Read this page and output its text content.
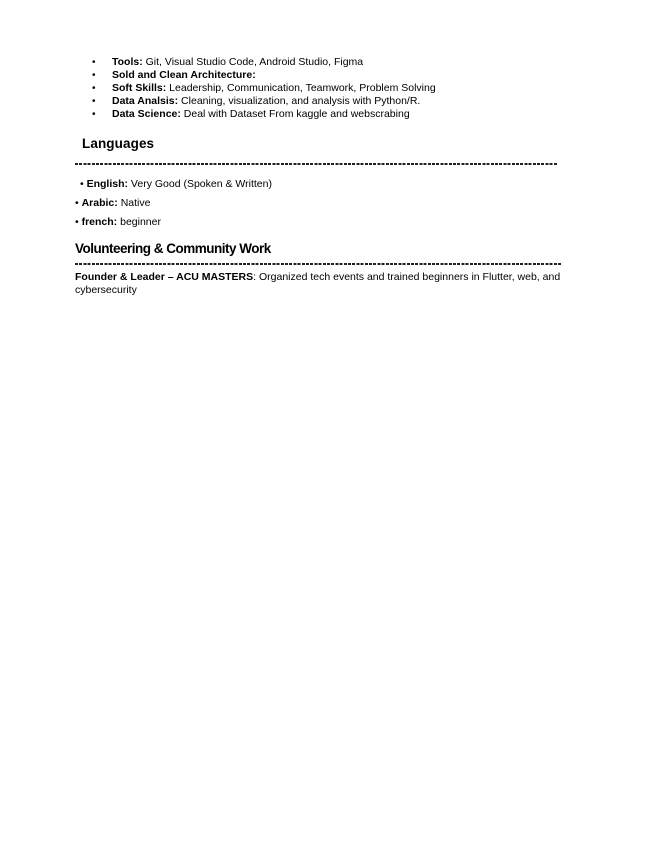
• Tools: Git, Visual Studio Code, Android Studio, Figma
• Sold and Clean Architecture:
• Soft Skills: Leadership, Communication, Teamwork, Problem Solving
• Data Analsis: Cleaning, visualization, and analysis with Python/R.
• Data Science: Deal with Dataset From kaggle and webscrabing
Languages
• English: Very Good (Spoken & Written)
• Arabic: Native
• french: beginner
Volunteering & Community Work
Founder & Leader – ACU MASTERS: Organized tech events and trained beginners in Flutter, web, and cybersecurity
